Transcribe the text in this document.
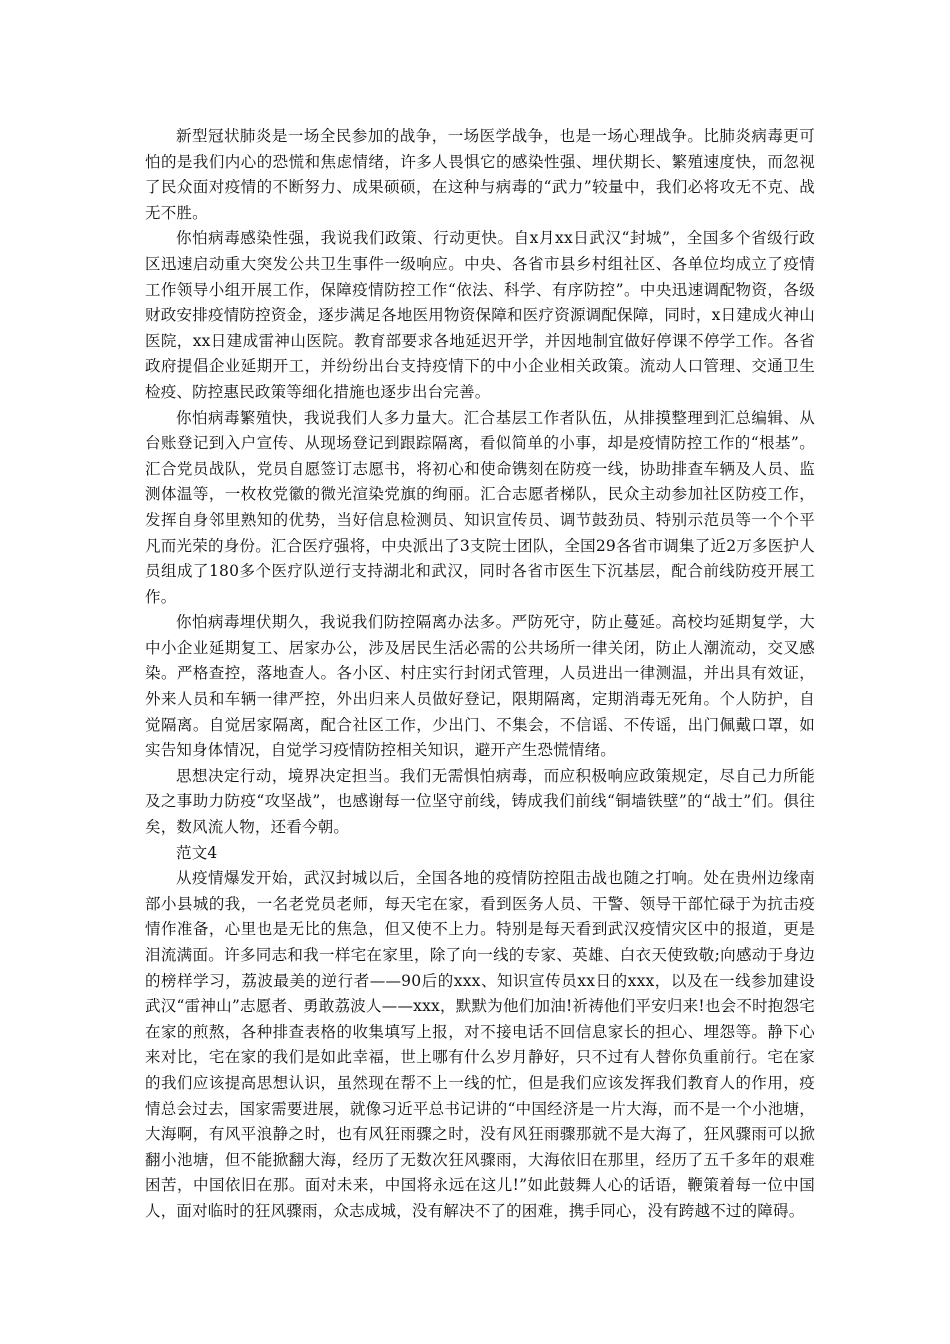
新型冠状肺炎是一场全民参加的战争，一场医学战争，也是一场心理战争。比肺炎病毒更可怕的是我们内心的恐慌和焦虑情绪，许多人畏惧它的感染性强、埋伏期长、繁殖速度快，而忽视了民众面对疫情的不断努力、成果硕硕，在这种与病毒的“武力”较量中，我们必将攻无不克、战无不胜。

你怕病毒感染性强，我说我们政策、行动更快。自x月xx日武汉“封城”，全国多个省级行政区迅速启动重大突发公共卫生事件一级响应。中央、各省市县乡村组社区、各单位均成立了疫情工作领导小组开展工作，保障疫情防控工作“依法、科学、有序防控”。中央迅速调配物资，各级财政安排疫情防控资金，逐步满足各地医用物资保障和医疗资源调配保障，同时，x日建成火神山医院，xx日建成雷神山医院。教育部要求各地延迟开学，并因地制宜做好停课不停学工作。各省政府提倡企业延期开工，并纷纷出台支持疫情下的中小企业相关政策。流动人口管理、交通卫生检疫、防控惠民政策等细化措施也逐步出台完善。

你怕病毒繁殖快，我说我们人多力量大。汇合基层工作者队伍，从排摸整理到汇总编辑、从台账登记到入户宣传、从现场登记到跟踪隔离，看似简单的小事，却是疫情防控工作的“根基”。汇合党员战队，党员自愿签订志愿书，将初心和使命镌刻在防疫一线，协助排查车辆及人员、监测体温等，一枚枚党徽的微光渲染党旗的绚丽。汇合志愿者梯队，民众主动参加社区防疫工作，发挥自身邻里熟知的优势，当好信息检测员、知识宣传员、调节鼓劲员、特别示范员等一个个平凡而光荣的身份。汇合医疗强将，中央派出了3支院士团队，全国29各省市调集了近2万多医护人员组成了180多个医疗队逆行支持湖北和武汉，同时各省市医生下沉基层，配合前线防疫开展工作。

你怕病毒埋伏期久，我说我们防控隔离办法多。严防死守，防止蔓延。高校均延期复学，大中小企业延期复工、居家办公，涉及居民生活必需的公共场所一律关闭，防止人潮流动，交叉感染。严格查控，落地查人。各小区、村庄实行封闭式管理，人员进出一律测温，并出具有效证，外来人员和车辆一律严控，外出归来人员做好登记，限期隔离，定期消毒无死角。个人防护，自觉隔离。自觉居家隔离，配合社区工作，少出门、不集会，不信谣、不传谣，出门佩戴口罩，如实告知身体情况，自觉学习疫情防控相关知识，避开产生恐慌情绪。

思想决定行动，境界决定担当。我们无需惧怕病毒，而应积极响应政策规定，尽自己力所能及之事助力防疫“攻坚战”，也感谢每一位坚守前线，铸成我们前线“铜墙铁壁”的“战士”们。俱往矣，数风流人物，还看今朝。

范文4

从疫情爆发开始，武汉封城以后，全国各地的疫情防控阻击战也随之打响。处在贵州边缘南部小县城的我，一名老党员老师，每天宅在家，看到医务人员、干警、领导干部忙碌于为抗击疫情作准备，心里也是无比的焦急，但又使不上力。特别是每天看到武汉疫情灾区中的报道，更是泪流满面。许多同志和我一样宅在家里，除了向一线的专家、英雄、白衣天使致敬;向感动于身边的榜样学习，荔波最美的逆行者——90后的xxx、知识宣传员xx日的xxx，以及在一线参加建设武汉“雷神山”志愿者、勇敢荔波人——xxx，默默为他们加油!祈祷他们平安归来!也会不时抱怨宅在家的煎熬，各种排查表格的收集填写上报，对不接电话不回信息家长的担心、埋怨等。静下心来对比，宅在家的我们是如此幸福，世上哪有什么岁月静好，只不过有人替你负重前行。宅在家的我们应该提高思想认识，虽然现在帮不上一线的忙，但是我们应该发挥我们教育人的作用，疫情总会过去，国家需要进展，就像习近平总书记讲的“中国经济是一片大海，而不是一个小池塘，大海啊，有风平浪静之时，也有风狂雨骤之时，没有风狂雨骤那就不是大海了，狂风骤雨可以掀翻小池塘，但不能掀翻大海，经历了无数次狂风骤雨，大海依旧在那里，经历了五千多年的艰难困苦，中国依旧在那。面对未来，中国将永远在这儿!”如此鼓舞人心的话语，鞭策着每一位中国人，面对临时的狂风骤雨，众志成城，没有解决不了的困难，携手同心，没有跨越不过的障碍。
